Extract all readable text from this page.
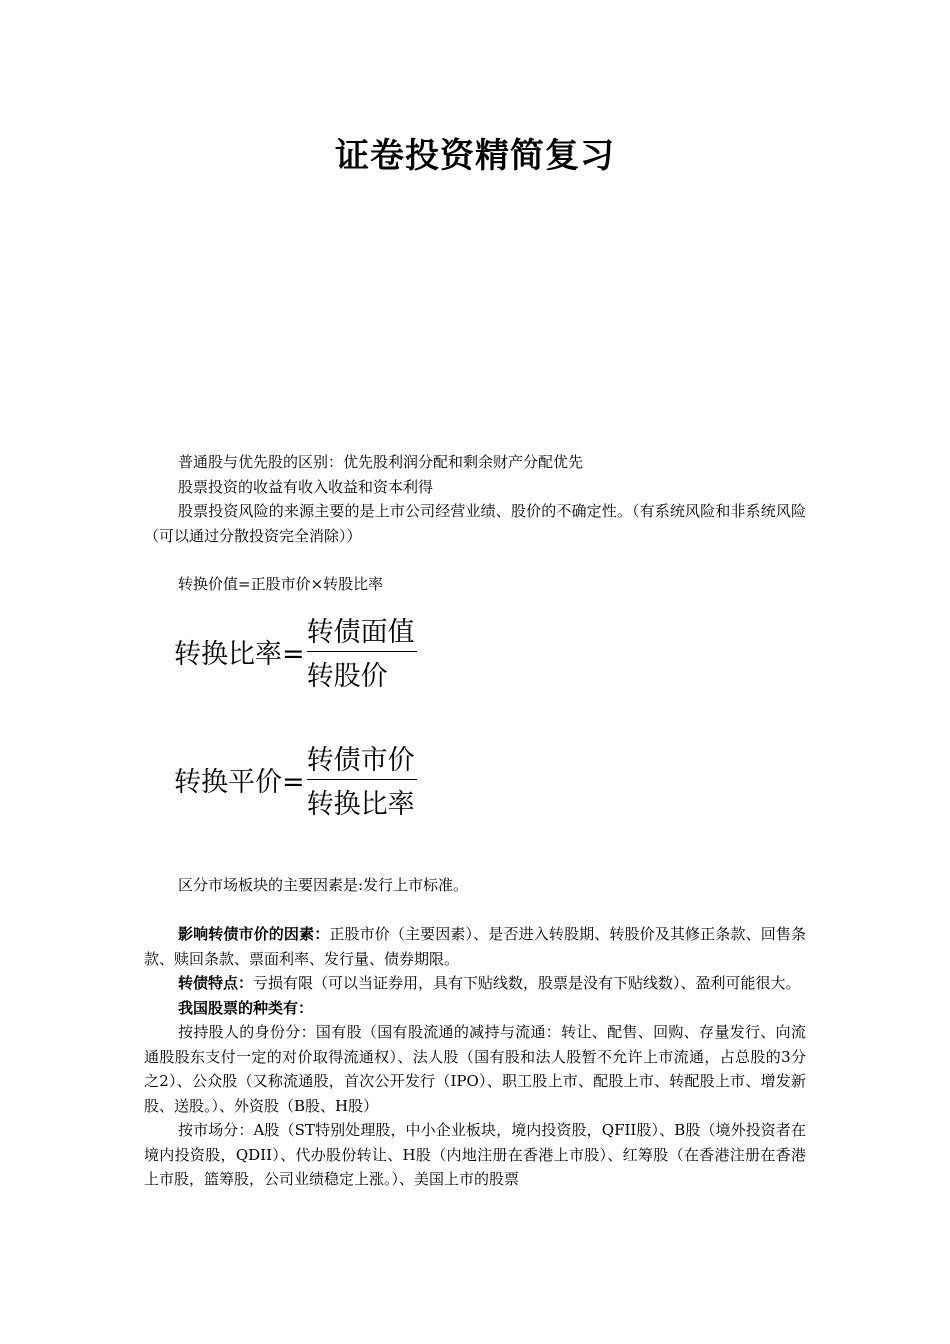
证卷投资精简复习

普通股与优先股的区别：优先股利润分配和剩余财产分配优先

股票投资的收益有收入收益和资本利得

股票投资风险的来源主要的是上市公司经营业绩、股价的不确定性。（有系统风险和非系统风险（可以通过分散投资完全消除））

转换价值=正股市价×转股比率

转换比率= $\frac{\text{转债面值}}{\text{转股价}}$
转换平价= $\frac{\text{转债市价}}{\text{转换比率}}$

区分市场板块的主要因素是:发行上市标准。

影响转债市价的因素：正股市价（主要因素）、是否进入转股期、转股价及其修正条款、回售条款、赎回条款、票面利率、发行量、债券期限。

转债特点：亏损有限（可以当证券用，具有下贴线数，股票是没有下贴线数）、盈利可能很大。

我国股票的种类有：

按持股人的身份分：国有股（国有股流通的减持与流通：转让、配售、回购、存量发行、向流通股股东支付一定的对价取得流通权）、法人股（国有股和法人股暂不允许上市流通，占总股的3分之2）、公众股（又称流通股，首次公开发行（IPO）、职工股上市、配股上市、转配股上市、增发新股、送股。）、外资股（B股、H股）

按市场分：A股（ST特别处理股，中小企业板块，境内投资股，QFII股）、B股（境外投资者在境内投资股，QDII）、代办股份转让、H股（内地注册在香港上市股）、红筹股（在香港注册在香港上市股，篮筹股，公司业绩稳定上涨。）、美国上市的股票
